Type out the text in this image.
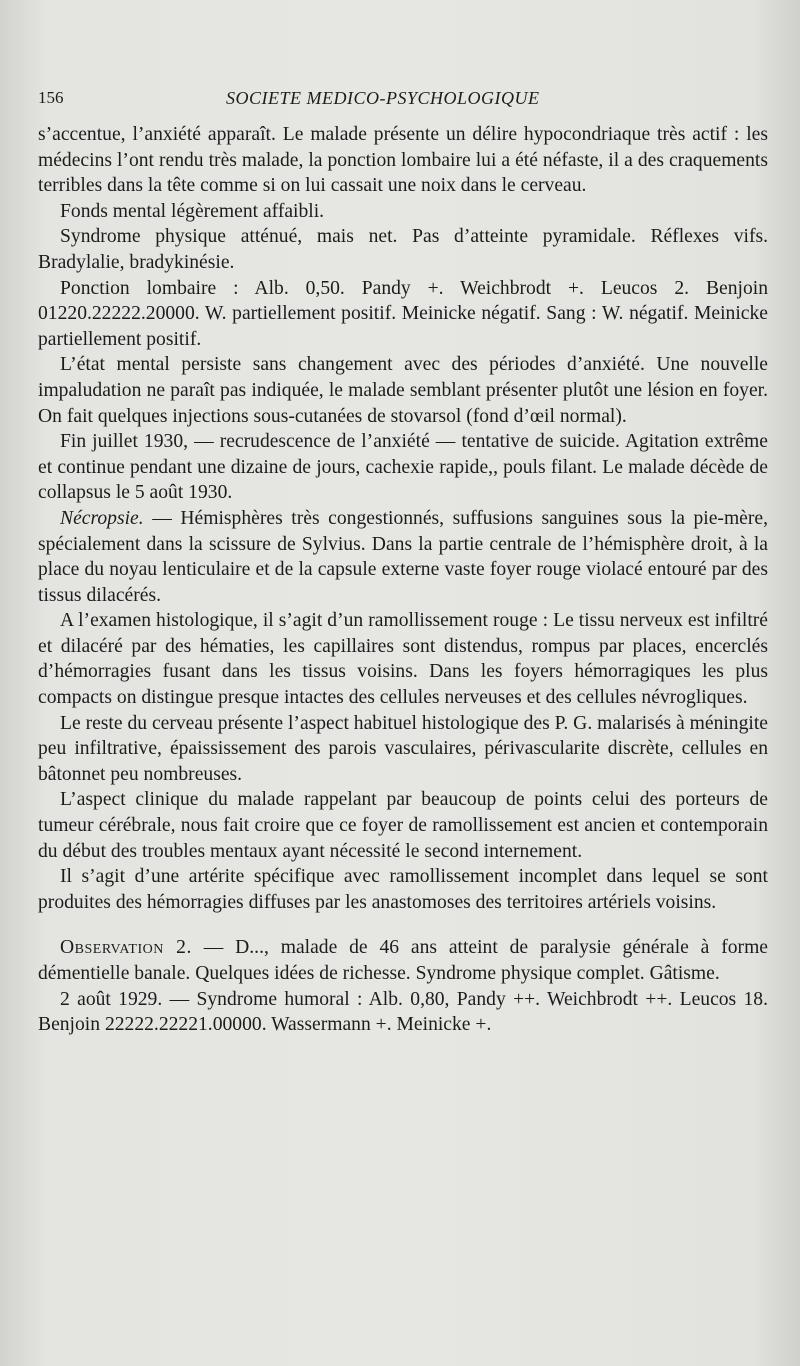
156	SOCIETE MEDICO-PSYCHOLOGIQUE

s’accentue, l’anxiété apparaît. Le malade présente un délire hypocondriaque très actif : les médecins l’ont rendu très malade, la ponction lombaire lui a été néfaste, il a des craquements terribles dans la tête comme si on lui cassait une noix dans le cerveau.

Fonds mental légèrement affaibli.

Syndrome physique atténué, mais net. Pas d’atteinte pyramidale. Réflexes vifs. Bradylalie, bradykinésie.

Ponction lombaire : Alb. 0,50. Pandy +. Weichbrodt +. Leucos 2. Benjoin 01220.22222.20000. W. partiellement positif. Meinicke négatif. Sang : W. négatif. Meinicke partiellement positif.

L’état mental persiste sans changement avec des périodes d’anxiété. Une nouvelle impaludation ne paraît pas indiquée, le malade semblant présenter plutôt une lésion en foyer. On fait quelques injections sous-cutanées de stovarsol (fond d’œil normal).

Fin juillet 1930, — recrudescence de l’anxiété — tentative de suicide. Agitation extrême et continue pendant une dizaine de jours, cachexie rapide,, pouls filant. Le malade décède de collapsus le 5 août 1930.

Nécropsie. — Hémisphères très congestionnés, suffusions sanguines sous la pie-mère, spécialement dans la scissure de Sylvius. Dans la partie centrale de l’hémisphère droit, à la place du noyau lenticulaire et de la capsule externe vaste foyer rouge violacé entouré par des tissus dilacérés.

A l’examen histologique, il s’agit d’un ramollissement rouge : Le tissu nerveux est infiltré et dilacéré par des hématies, les capillaires sont distendus, rompus par places, encerclés d’hémorragies fusant dans les tissus voisins. Dans les foyers hémorragiques les plus compacts on distingue presque intactes des cellules nerveuses et des cellules névrogliques.

Le reste du cerveau présente l’aspect habituel histologique des P. G. malarisés à méningite peu infiltrative, épaississement des parois vasculaires, périvascularite discrète, cellules en bâtonnet peu nombreuses.

L’aspect clinique du malade rappelant par beaucoup de points celui des porteurs de tumeur cérébrale, nous fait croire que ce foyer de ramollissement est ancien et contemporain du début des troubles mentaux ayant nécessité le second internement.

Il s’agit d’une artérite spécifique avec ramollissement incomplet dans lequel se sont produites des hémorragies diffuses par les anastomoses des territoires artériels voisins.

Observation 2. — D..., malade de 46 ans atteint de paralysie générale à forme démentielle banale. Quelques idées de richesse. Syndrome physique complet. Gâtisme.

2 août 1929. — Syndrome humoral : Alb. 0,80, Pandy ++. Weichbrodt ++. Leucos 18. Benjoin 22222.22221.00000. Wassermann +. Meinicke +.
